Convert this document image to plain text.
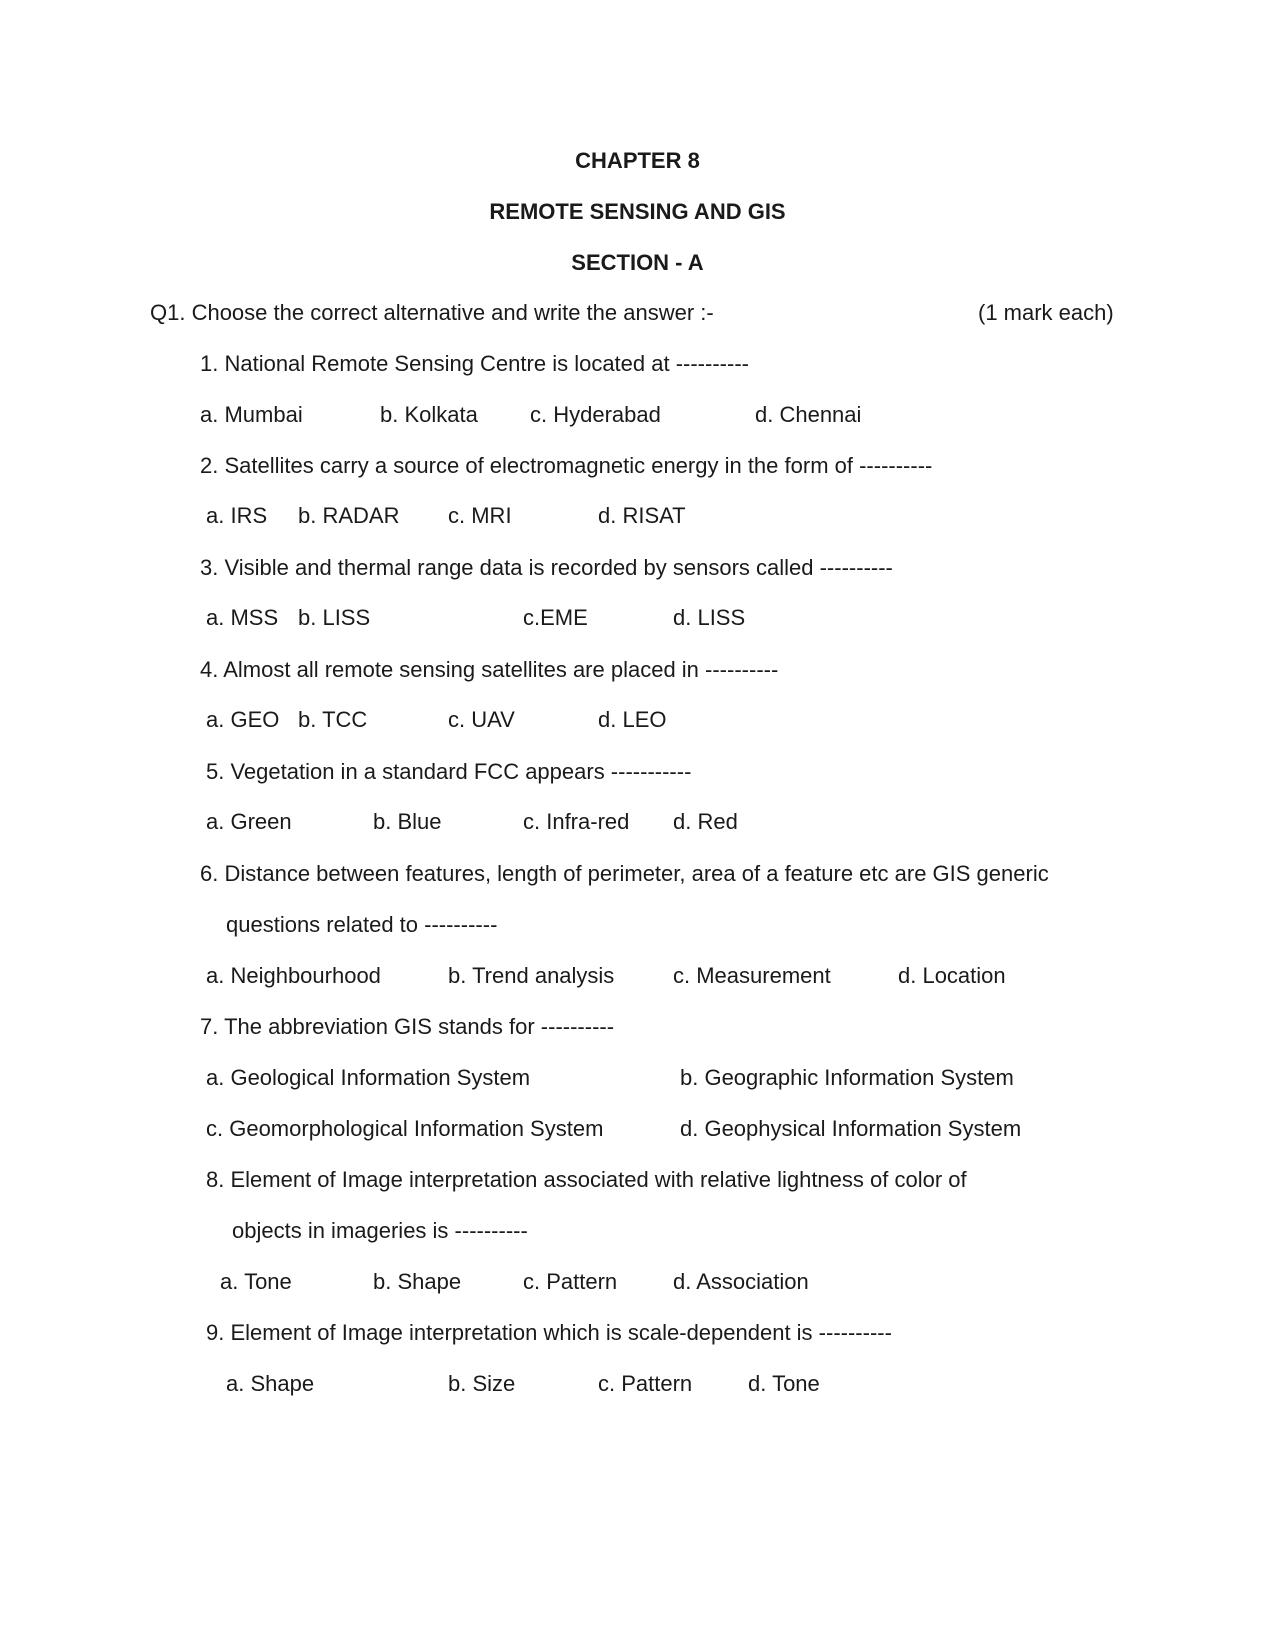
CHAPTER 8
REMOTE SENSING AND GIS
SECTION - A
Q1. Choose the correct alternative and write the answer :-	(1 mark each)
1. National Remote Sensing Centre is located at ----------
a. Mumbai	b. Kolkata c. Hyderabad	d. Chennai
2. Satellites carry a source of electromagnetic energy in the form of ----------
a. IRS b. RADAR c. MRI	d. RISAT
3. Visible and thermal range data is recorded by sensors called ----------
a. MSS b. LISS	c.EME	d. LISS
4. Almost all remote sensing satellites are placed in ----------
a. GEO b. TCC	c. UAV	d. LEO
5. Vegetation in a standard FCC appears -----------
a. Green	b. Blue	c. Infra-red d. Red
6. Distance between features, length of perimeter, area of a feature etc are GIS generic
questions related to ----------
a. Neighbourhood	b. Trend analysis	c. Measurement	d. Location
7. The abbreviation GIS stands for ----------
a. Geological Information System	b. Geographic Information System
c. Geomorphological Information System	d. Geophysical Information System
8. Element of Image interpretation associated with relative lightness of color of
objects in imageries is ----------
a. Tone	b. Shape	c. Pattern	d. Association
9. Element of Image interpretation which is scale-dependent is ----------
a. Shape	b. Size	c. Pattern	d. Tone
